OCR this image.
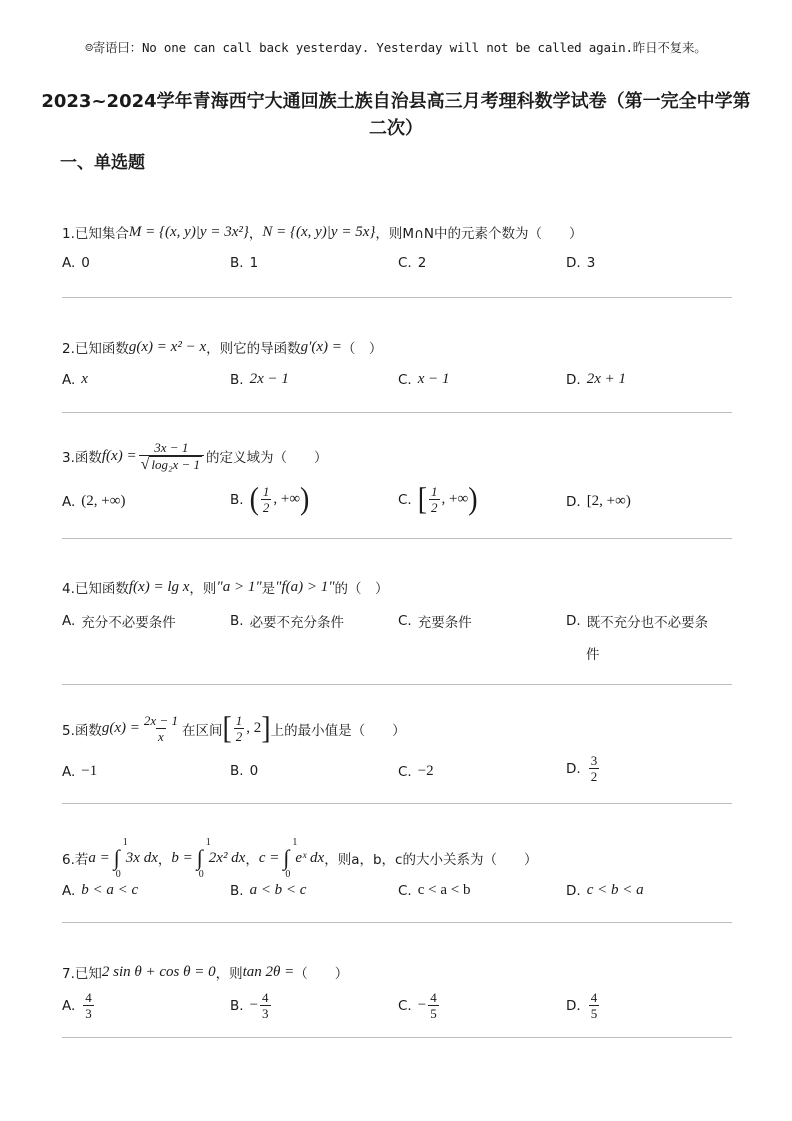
☺寄语曰：No one can call back yesterday. Yesterday will not be called again.昨日不复来。
2023~2024学年青海西宁大通回族土族自治县高三月考理科数学试卷（第一完全中学第二次）
一、单选题
1.已知集合 M = {(x, y)|y = 3x²} ， N = {(x, y)|y = 5x} ，则M∩N中的元素个数为（　　）
A. 0	B. 1	C. 2	D. 3
2.已知函数 g(x) = x² − x ，则它的导函数 g′(x) = （　）
A. x	B. 2x − 1	C. x − 1	D. 2x + 1
3.函数 $f(x) = \frac{3x - 1}{\text{√ log₂x − 1}}$ 的定义域为（　　）
A. (2, +∞)	B. ( $\frac{1}{2}$ , +∞ )	C. [ $\frac{1}{2}$ , +∞ )	D. [2, +∞)
4.已知函数 f(x) = lg x ，则 "a > 1" 是 "f(a) > 1" 的（　）
A. 充分不必要条件	B. 必要不充分条件	C. 充要条件	D. 既不充分也不必要条
件
5.函数 $g(x) = \frac{2x - 1}{x}$ 在区间 [ $\frac{1}{2}$ , 2 ] 上的最小值是（　　）
A. −1	B. 0	C. −2	D. $\frac{3}{2}$
6.若 a = ∫
1
0
3x dx ， b = ∫
1
0
2x² dx ， c = ∫
1
0
eˣ dx ，则a，b，c的大小关系为（　　）
A. b < a < c	B. a < b < c	C. c < a < b	D. c < b < a
7.已知 2 sin θ + cos θ = 0 ，则 tan 2θ = （　　）
A. $\frac{4}{3}$	B. − $\frac{4}{3}$	C. − $\frac{4}{5}$	D. $\frac{4}{5}$
